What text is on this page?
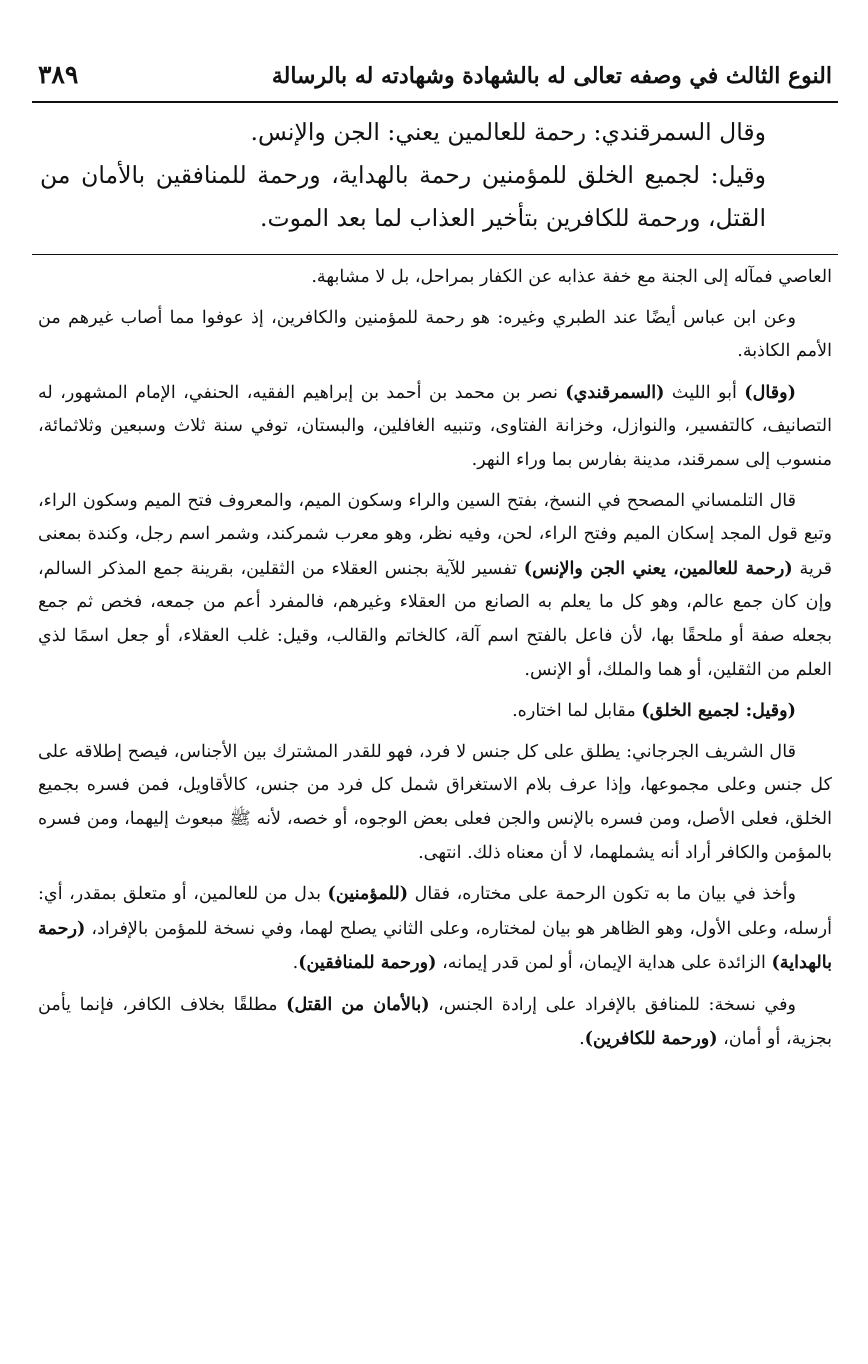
النوع الثالث في وصفه تعالى له بالشهادة وشهادته له بالرسالة
٣٨٩

وقال السمرقندي: رحمة للعالمين يعني: الجن والإنس.

وقيل: لجميع الخلق للمؤمنين رحمة بالهداية، ورحمة للمنافقين بالأمان من القتل، ورحمة للكافرين بتأخير العذاب لما بعد الموت.

العاصي فمآله إلى الجنة مع خفة عذابه عن الكفار بمراحل، بل لا مشابهة.

وعن ابن عباس أيضًا عند الطبري وغيره: هو رحمة للمؤمنين والكافرين، إذ عوفوا مما أصاب غيرهم من الأمم الكاذبة.

(وقال) أبو الليث (السمرقندي) نصر بن محمد بن أحمد بن إبراهيم الفقيه، الحنفي، الإمام المشهور، له التصانيف، كالتفسير، والنوازل، وخزانة الفتاوى، وتنبيه الغافلين، والبستان، توفي سنة ثلاث وسبعين وثلاثمائة، منسوب إلى سمرقند، مدينة بفارس بما وراء النهر.

قال التلمساني المصحح في النسخ، بفتح السين والراء وسكون الميم، والمعروف فتح الميم وسكون الراء، وتبع قول المجد إسكان الميم وفتح الراء، لحن، وفيه نظر، وهو معرب شمركند، وشمر اسم رجل، وكندة بمعنى قرية (رحمة للعالمين، يعني الجن والإنس) تفسير للآية بجنس العقلاء من الثقلين، بقرينة جمع المذكر السالم، وإن كان جمع عالم، وهو كل ما يعلم به الصانع من العقلاء وغيرهم، فالمفرد أعم من جمعه، فخص ثم جمع بجعله صفة أو ملحقًا بها، لأن فاعل بالفتح اسم آلة، كالخاتم والقالب، وقيل: غلب العقلاء، أو جعل اسمًا لذي العلم من الثقلين، أو هما والملك، أو الإنس.

(وقيل: لجميع الخلق) مقابل لما اختاره.

قال الشريف الجرجاني: يطلق على كل جنس لا فرد، فهو للقدر المشترك بين الأجناس، فيصح إطلاقه على كل جنس وعلى مجموعها، وإذا عرف بلام الاستغراق شمل كل فرد من جنس، كالأقاويل، فمن فسره بجميع الخلق، فعلى الأصل، ومن فسره بالإنس والجن فعلى بعض الوجوه، أو خصه، لأنه ﷺ مبعوث إليهما، ومن فسره بالمؤمن والكافر أراد أنه يشملهما، لا أن معناه ذلك. انتهى.

وأخذ في بيان ما به تكون الرحمة على مختاره، فقال (للمؤمنين) بدل من للعالمين، أو متعلق بمقدر، أي: أرسله، وعلى الأول، وهو الظاهر هو بيان لمختاره، وعلى الثاني يصلح لهما، وفي نسخة للمؤمن بالإفراد، (رحمة بالهداية) الزائدة على هداية الإيمان، أو لمن قدر إيمانه، (ورحمة للمنافقين).

وفي نسخة: للمنافق بالإفراد على إرادة الجنس، (بالأمان من القتل) مطلقًا بخلاف الكافر، فإنما يأمن بجزية، أو أمان، (ورحمة للكافرين).
